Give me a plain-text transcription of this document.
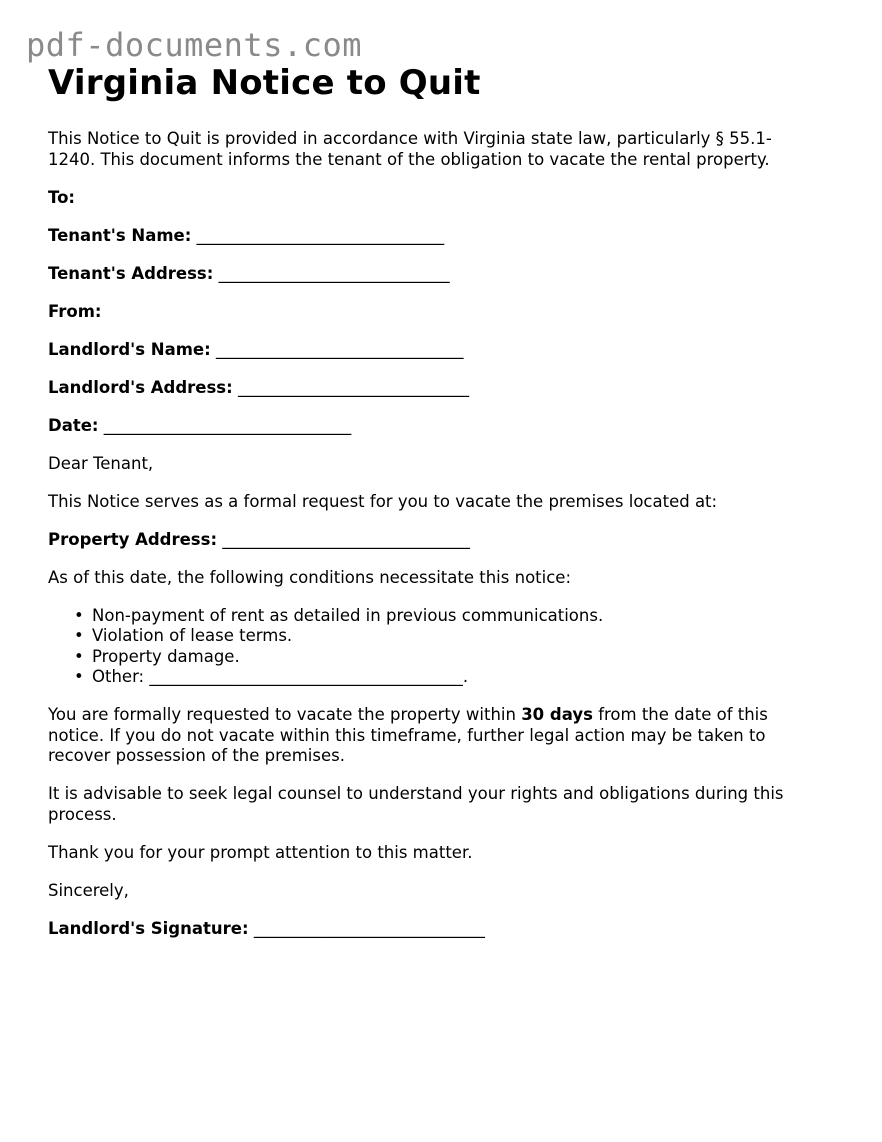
pdf-documents.com
Virginia Notice to Quit

This Notice to Quit is provided in accordance with Virginia state law, particularly § 55.1-1240. This document informs the tenant of the obligation to vacate the rental property.

To:

Tenant's Name: ______________________________

Tenant's Address: ____________________________

From:

Landlord's Name: ______________________________

Landlord's Address: ____________________________

Date: ______________________________

Dear Tenant,

This Notice serves as a formal request for you to vacate the premises located at:

Property Address: ______________________________

As of this date, the following conditions necessitate this notice:

• Non-payment of rent as detailed in previous communications.
• Violation of lease terms.
• Property damage.
• Other: ______________________________________.

You are formally requested to vacate the property within 30 days from the date of this notice. If you do not vacate within this timeframe, further legal action may be taken to recover possession of the premises.

It is advisable to seek legal counsel to understand your rights and obligations during this process.

Thank you for your prompt attention to this matter.

Sincerely,

Landlord's Signature: ____________________________
